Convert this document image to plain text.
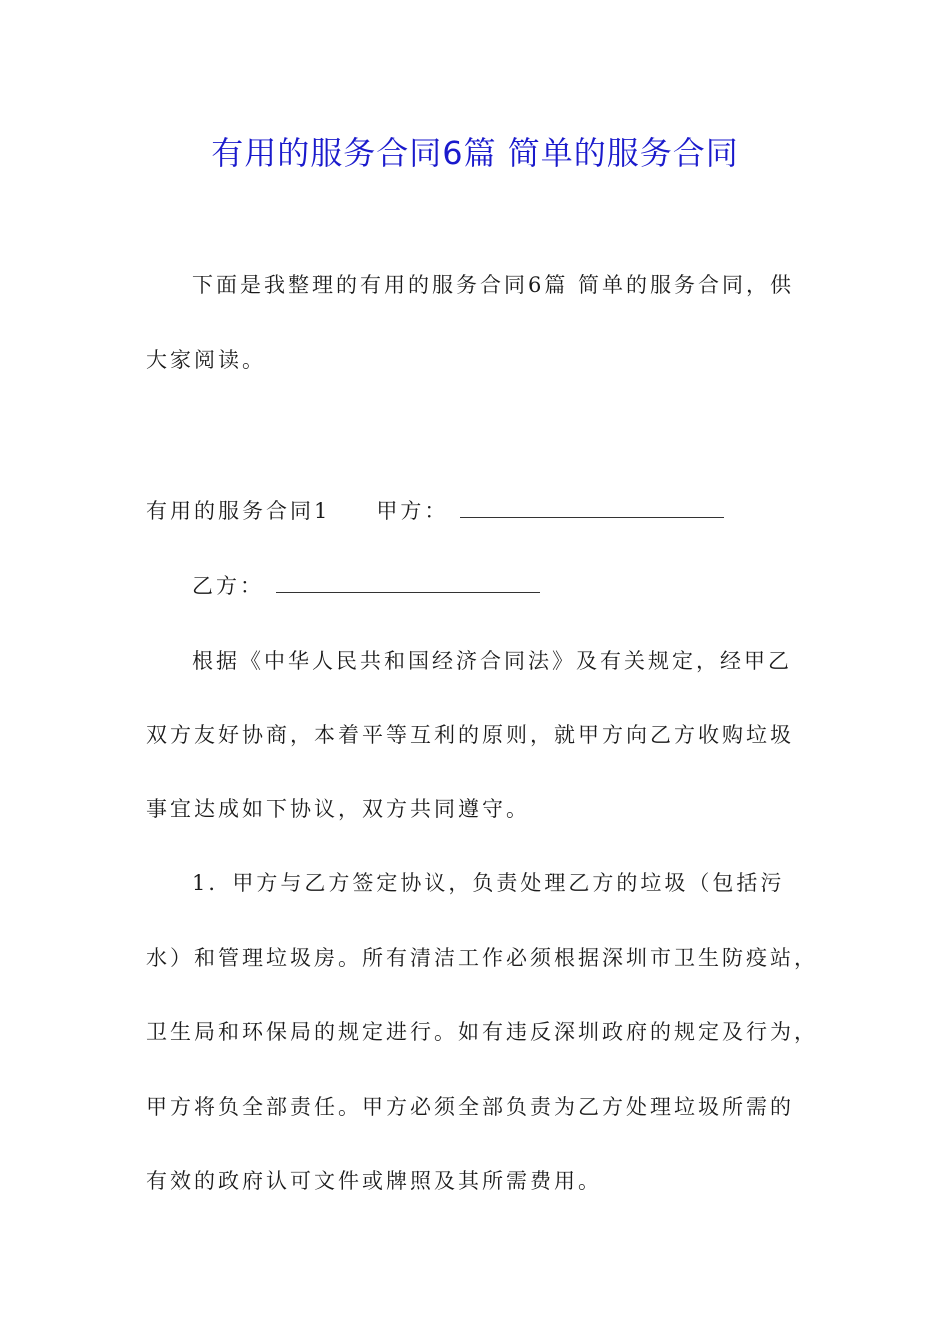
有用的服务合同6篇 简单的服务合同
下面是我整理的有用的服务合同6篇 简单的服务合同，供
大家阅读。
有用的服务合同1 甲方：
乙方：
根据《中华人民共和国经济合同法》及有关规定，经甲乙
双方友好协商，本着平等互利的原则，就甲方向乙方收购垃圾
事宜达成如下协议，双方共同遵守。
1．甲方与乙方签定协议，负责处理乙方的垃圾（包括污
水）和管理垃圾房。所有清洁工作必须根据深圳市卫生防疫站，
卫生局和环保局的规定进行。如有违反深圳政府的规定及行为，
甲方将负全部责任。甲方必须全部负责为乙方处理垃圾所需的
有效的政府认可文件或牌照及其所需费用。
